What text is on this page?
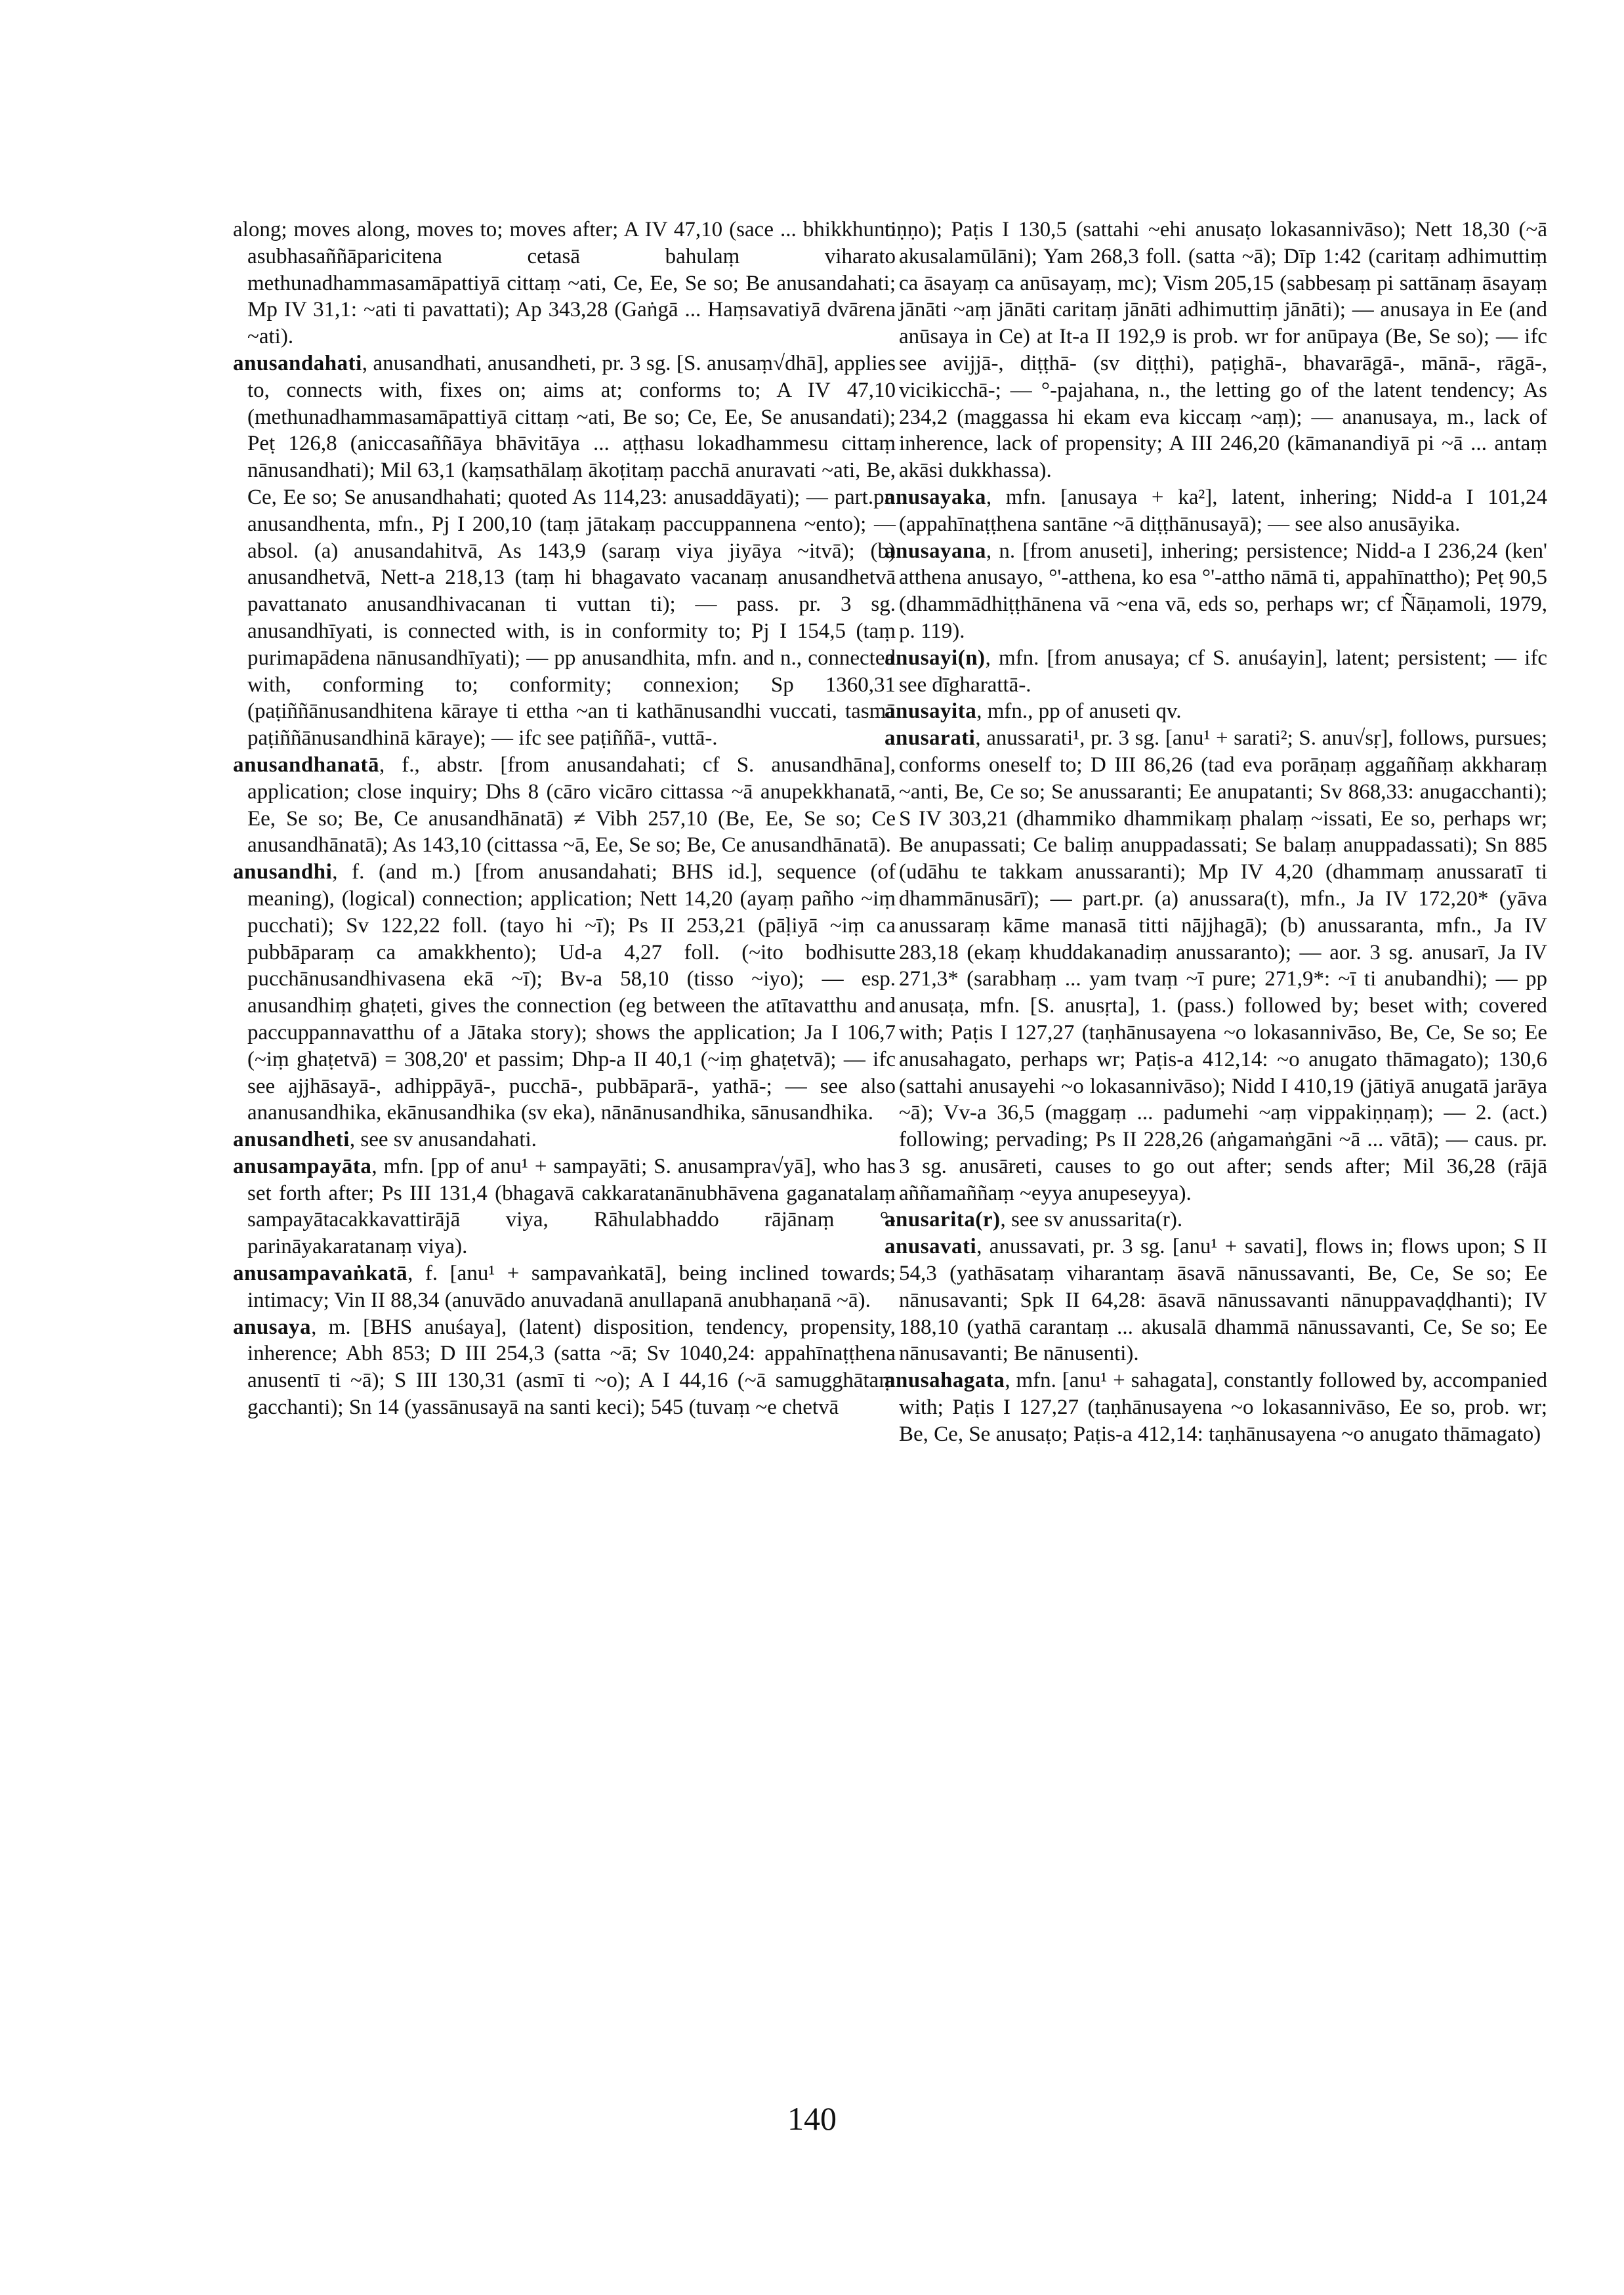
along; moves along, moves to; moves after; A IV 47,10 (sace ... bhikkhuno asubhasaññāparicitena cetasā bahulaṃ viharato methunadhammasamāpattiyā cittaṃ ~ati, Ce, Ee, Se so; Be anusandahati; Mp IV 31,1: ~ati ti pavattati); Ap 343,28 (Gaṅgā ... Haṃsavatiyā dvārena ~ati).

anusandahati, anusandhati, anusandheti, pr. 3 sg. [S. anusaṃ√dhā], applies to, connects with, fixes on; aims at; conforms to; A IV 47,10 (methunadhammasamāpattiyā cittaṃ ~ati, Be so; Ce, Ee, Se anusandati); Peṭ 126,8 (aniccasaññāya bhāvitāya ... aṭṭhasu lokadhammesu cittaṃ nānusandhati); Mil 63,1 (kaṃsathālaṃ ākoṭitaṃ pacchā anuravati ~ati, Be, Ce, Ee so; Se anusandhahati; quoted As 114,23: anusaddāyati); — part.pr. anusandhenta, mfn., Pj I 200,10 (taṃ jātakaṃ paccuppannena ~ento); — absol. (a) anusandahitvā, As 143,9 (saraṃ viya jiyāya ~itvā); (b) anusandhetvā, Nett-a 218,13 (taṃ hi bhagavato vacanaṃ anusandhetvā pavattanato anusandhivacanan ti vuttan ti); — pass. pr. 3 sg. anusandhīyati, is connected with, is in conformity to; Pj I 154,5 (taṃ purimapādena nānusandhīyati); — pp anusandhita, mfn. and n., connected with, conforming to; conformity; connexion; Sp 1360,31 (paṭiññānusandhitena kāraye ti ettha ~an ti kathānusandhi vuccati, tasmā paṭiññānusandhinā kāraye); — ifc see paṭiññā-, vuttā-.

anusandhanatā, f., abstr. [from anusandahati; cf S. anusandhāna], application; close inquiry; Dhs 8 (cāro vicāro cittassa ~ā anupekkhanatā, Ee, Se so; Be, Ce anusandhānatā) ≠ Vibh 257,10 (Be, Ee, Se so; Ce anusandhānatā); As 143,10 (cittassa ~ā, Ee, Se so; Be, Ce anusandhānatā).

anusandhi, f. (and m.) [from anusandahati; BHS id.], sequence (of meaning), (logical) connection; application; Nett 14,20 (ayaṃ pañho ~iṃ pucchati); Sv 122,22 foll. (tayo hi ~ī); Ps II 253,21 (pāḷiyā ~iṃ ca pubbāparaṃ ca amakkhento); Ud-a 4,27 foll. (~ito bodhisutte pucchānusandhivasena ekā ~ī); Bv-a 58,10 (tisso ~iyo); — esp. anusandhiṃ ghaṭeti, gives the connection (eg between the atītavatthu and paccuppannavatthu of a Jātaka story); shows the application; Ja I 106,7 (~iṃ ghaṭetvā) = 308,20' et passim; Dhp-a II 40,1 (~iṃ ghaṭetvā); — ifc see ajjhāsayā-, adhippāyā-, pucchā-, pubbāparā-, yathā-; — see also ananusandhika, ekānusandhika (sv eka), nānānusandhika, sānusandhika.

anusandheti, see sv anusandahati.

anusampayāta, mfn. [pp of anu¹ + sampayāti; S. anusampra√yā], who has set forth after; Ps III 131,4 (bhagavā cakkaratanānubhāvena gaganatalaṃ sampayātacakkavattirājā viya, Rāhulabhaddo rājānaṃ °-parināyakaratanaṃ viya).

anusampavaṅkatā, f. [anu¹ + sampavaṅkatā], being inclined towards; intimacy; Vin II 88,34 (anuvādo anuvadanā anullapanā anubhaṇanā ~ā).

anusaya, m. [BHS anuśaya], (latent) disposition, tendency, propensity, inherence; Abh 853; D III 254,3 (satta ~ā; Sv 1040,24: appahīnaṭṭhena anusentī ti ~ā); S III 130,31 (asmī ti ~o); A I 44,16 (~ā samugghātaṃ gacchanti); Sn 14 (yassānusayā na santi keci); 545 (tuvaṃ ~e chetvā

tiṇṇo); Paṭis I 130,5 (sattahi ~ehi anusaṭo lokasannivāso); Nett 18,30 (~ā akusalamūlāni); Yam 268,3 foll. (satta ~ā); Dīp 1:42 (caritaṃ adhimuttiṃ ca āsayaṃ ca anūsayaṃ, mc); Vism 205,15 (sabbesaṃ pi sattānaṃ āsayaṃ jānāti ~aṃ jānāti caritaṃ jānāti adhimuttiṃ jānāti); — anusaya in Ee (and anūsaya in Ce) at It-a II 192,9 is prob. wr for anūpaya (Be, Se so); — ifc see avijjā-, diṭṭhā- (sv diṭṭhi), paṭighā-, bhavarāgā-, mānā-, rāgā-, vicikicchā-; — °-pajahana, n., the letting go of the latent tendency; As 234,2 (maggassa hi ekam eva kiccaṃ ~aṃ); — ananusaya, m., lack of inherence, lack of propensity; A III 246,20 (kāmanandiyā pi ~ā ... antaṃ akāsi dukkhassa).

anusayaka, mfn. [anusaya + ka²], latent, inhering; Nidd-a I 101,24 (appahīnaṭṭhena santāne ~ā diṭṭhānusayā); — see also anusāyika.

anusayana, n. [from anuseti], inhering; persistence; Nidd-a I 236,24 (ken' atthena anusayo, °'-atthena, ko esa °'-attho nāmā ti, appahīnattho); Peṭ 90,5 (dhammādhiṭṭhānena vā ~ena vā, eds so, perhaps wr; cf Ñāṇamoli, 1979, p. 119).

anusayi(n), mfn. [from anusaya; cf S. anuśayin], latent; persistent; — ifc see dīgharattā-.

anusayita, mfn., pp of anuseti qv.

anusarati, anussarati¹, pr. 3 sg. [anu¹ + sarati²; S. anu√sṛ], follows, pursues; conforms oneself to; D III 86,26 (tad eva porāṇaṃ aggaññaṃ akkharaṃ ~anti, Be, Ce so; Se anussaranti; Ee anupatanti; Sv 868,33: anugacchanti); S IV 303,21 (dhammiko dhammikaṃ phalaṃ ~issati, Ee so, perhaps wr; Be anupassati; Ce baliṃ anuppadassati; Se balaṃ anuppadassati); Sn 885 (udāhu te takkam anussaranti); Mp IV 4,20 (dhammaṃ anussaratī ti dhammānusārī); — part.pr. (a) anussara(t), mfn., Ja IV 172,20* (yāva anussaraṃ kāme manasā titti nājjhagā); (b) anussaranta, mfn., Ja IV 283,18 (ekaṃ khuddakanadiṃ anussaranto); — aor. 3 sg. anusarī, Ja IV 271,3* (sarabhaṃ ... yam tvaṃ ~ī pure; 271,9*: ~ī ti anubandhi); — pp anusaṭa, mfn. [S. anusṛta], 1. (pass.) followed by; beset with; covered with; Paṭis I 127,27 (taṇhānusayena ~o lokasannivāso, Be, Ce, Se so; Ee anusahagato, perhaps wr; Paṭis-a 412,14: ~o anugato thāmagato); 130,6 (sattahi anusayehi ~o lokasannivāso); Nidd I 410,19 (jātiyā anugatā jarāya ~ā); Vv-a 36,5 (maggaṃ ... padumehi ~aṃ vippakiṇṇaṃ); — 2. (act.) following; pervading; Ps II 228,26 (aṅgamaṅgāni ~ā ... vātā); — caus. pr. 3 sg. anusāreti, causes to go out after; sends after; Mil 36,28 (rājā aññamaññaṃ ~eyya anupeseyya).

anusarita(r), see sv anussarita(r).

anusavati, anussavati, pr. 3 sg. [anu¹ + savati], flows in; flows upon; S II 54,3 (yathāsataṃ viharantaṃ āsavā nānussavanti, Be, Ce, Se so; Ee nānusavanti; Spk II 64,28: āsavā nānussavanti nānuppavaḍḍhanti); IV 188,10 (yathā carantaṃ ... akusalā dhammā nānussavanti, Ce, Se so; Ee nānusavanti; Be nānusenti).

anusahagata, mfn. [anu¹ + sahagata], constantly followed by, accompanied with; Paṭis I 127,27 (taṇhānusayena ~o lokasannivāso, Ee so, prob. wr; Be, Ce, Se anusaṭo; Paṭis-a 412,14: taṇhānusayena ~o anugato thāmagato)

140
